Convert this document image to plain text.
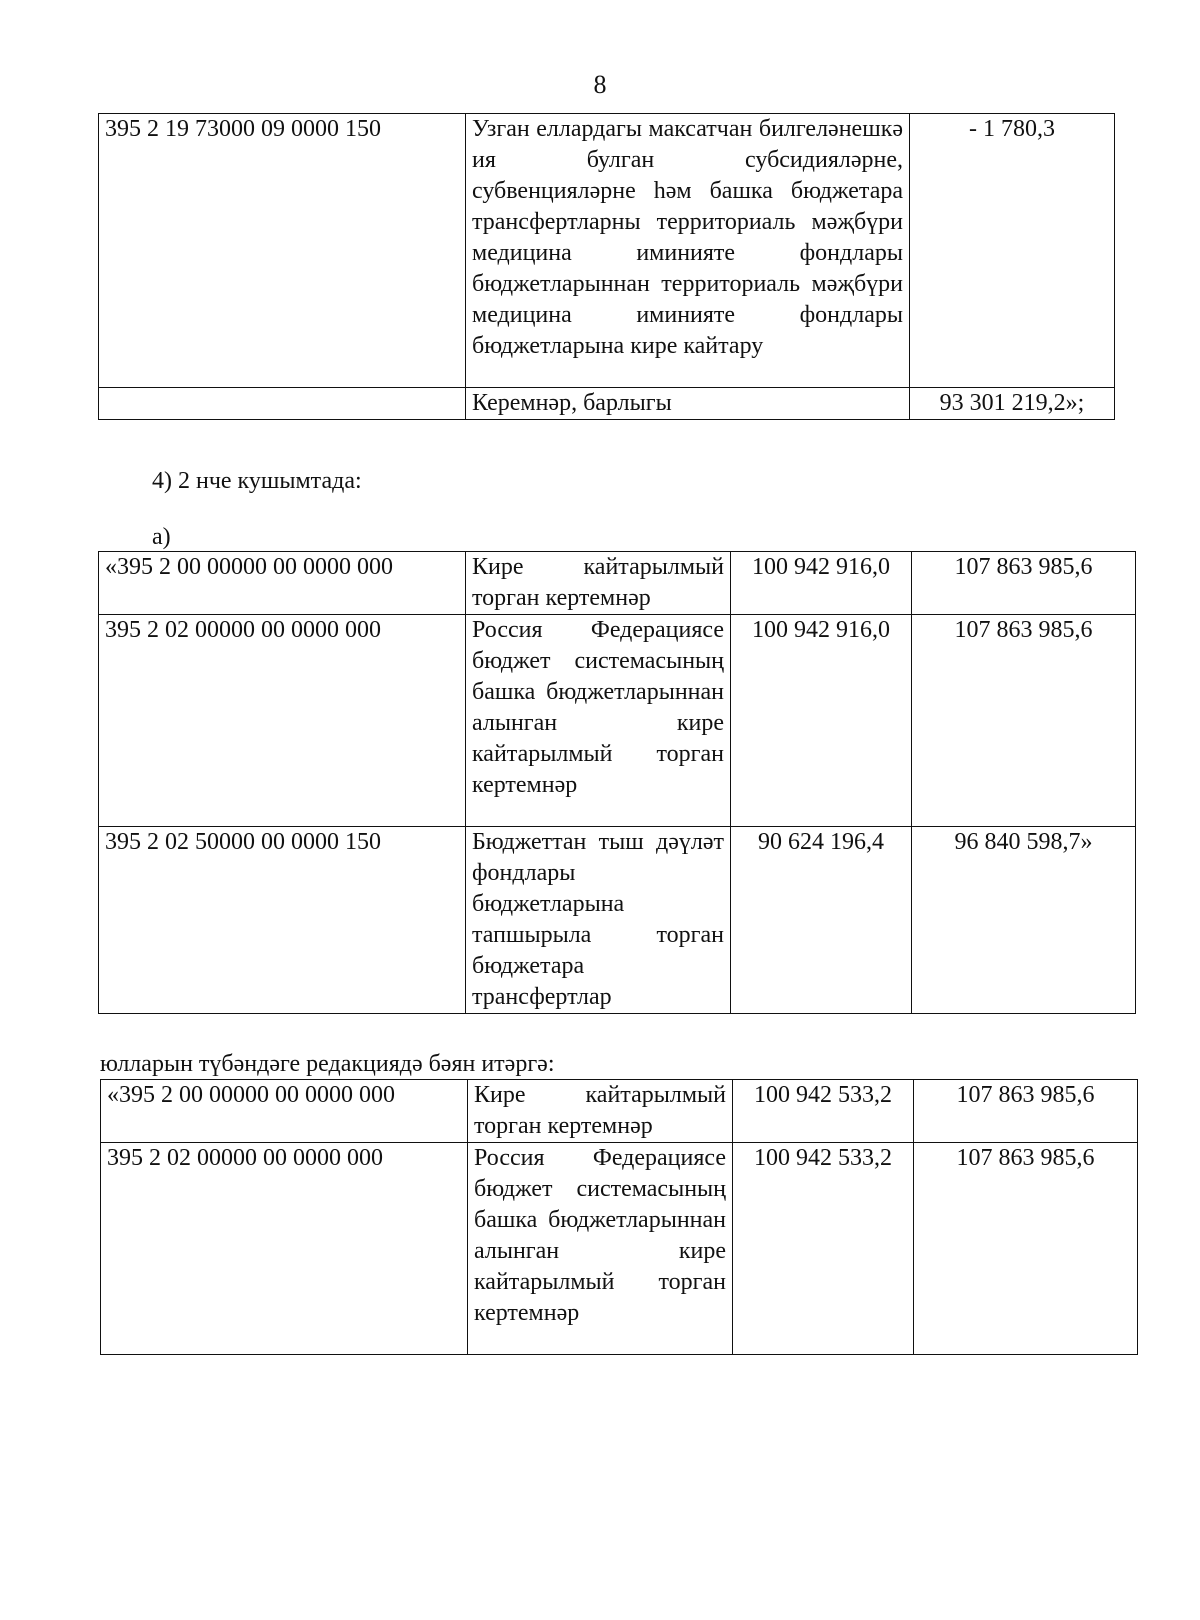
8
395 2 19 73000 09 0000 150	Узган еллардагы максатчан билгеләнешкә ия булган субсидияләрне, субвенцияләрне һәм башка бюджетара трансфертларны территориаль мәҗбүри медицина иминияте фондлары бюджетларыннан территориаль мәҗбүри медицина иминияте фондлары бюджетларына кире кайтару	- 1 780,3
	Керемнәр, барлыгы	93 301 219,2»;
4) 2 нче кушымтада:
а)
«395 2 00 00000 00 0000 000	Кире кайтарылмый торган кертемнәр	100 942 916,0	107 863 985,6
395 2 02 00000 00 0000 000	Россия Федерациясе бюджет системасының башка бюджетларыннан алынган кире кайтарылмый торган кертемнәр	100 942 916,0	107 863 985,6
395 2 02 50000 00 0000 150	Бюджеттан тыш дәүләт фондлары бюджетларына тапшырыла торган бюджетара трансфертлар	90 624 196,4	96 840 598,7»
юлларын түбәндәге редакциядә бәян итәргә:
«395 2 00 00000 00 0000 000	Кире кайтарылмый торган кертемнәр	100 942 533,2	107 863 985,6
395 2 02 00000 00 0000 000	Россия Федерациясе бюджет системасының башка бюджетларыннан алынган кире кайтарылмый торган кертемнәр	100 942 533,2	107 863 985,6
